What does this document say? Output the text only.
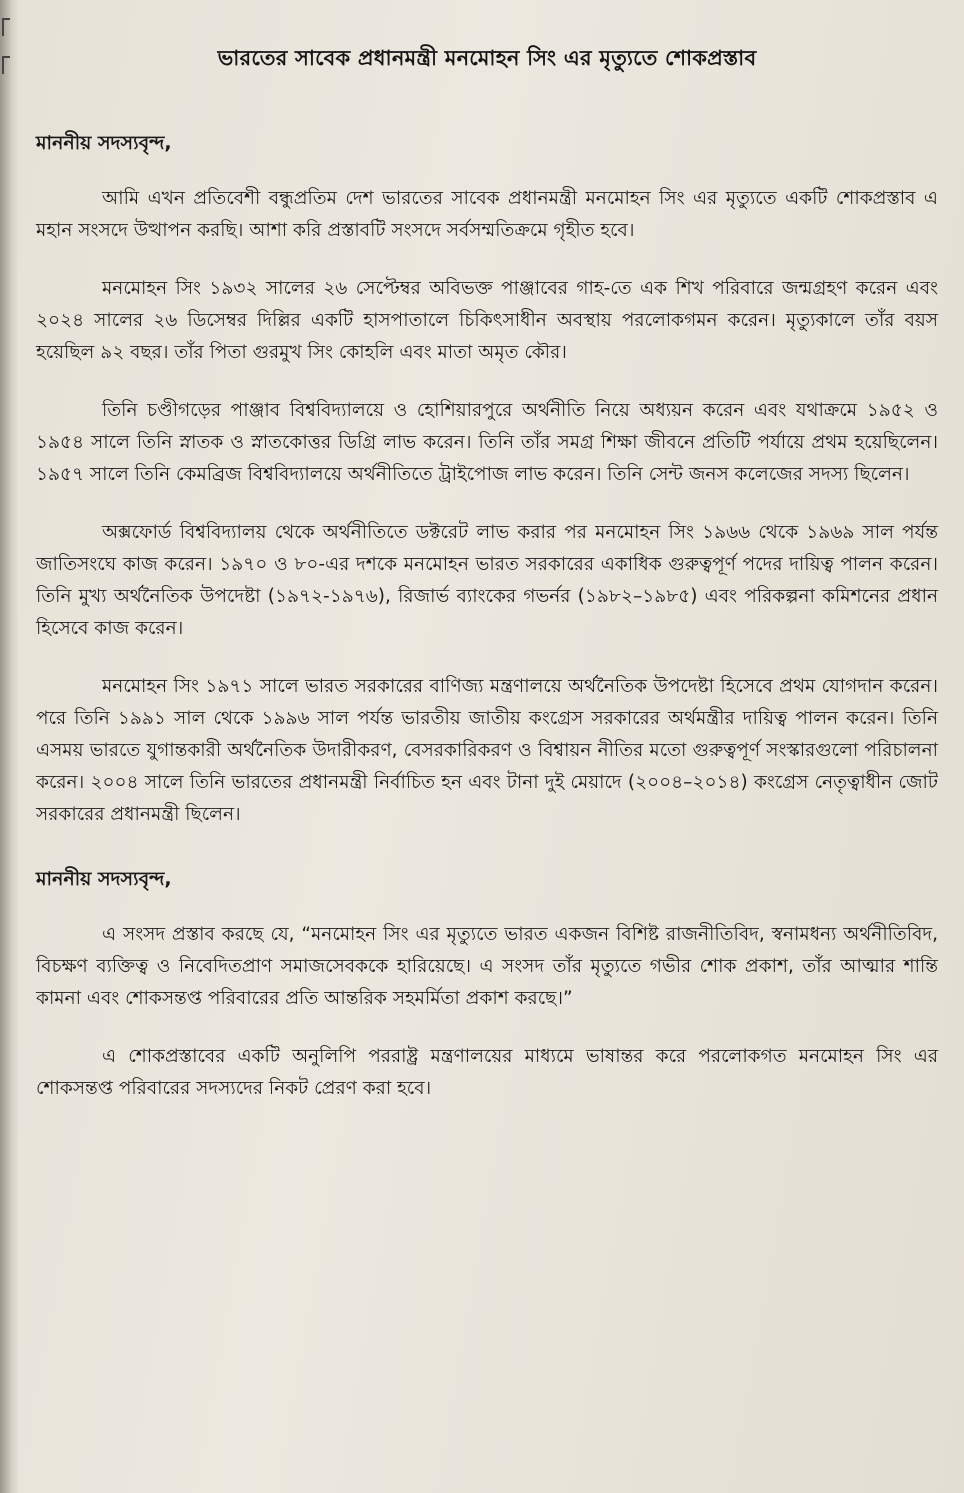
ভারতের সাবেক প্রধানমন্ত্রী মনমোহন সিং এর মৃত্যুতে শোকপ্রস্তাব
মাননীয় সদস্যবৃন্দ,

আমি এখন প্রতিবেশী বন্ধুপ্রতিম দেশ ভারতের সাবেক প্রধানমন্ত্রী মনমোহন সিং এর মৃত্যুতে একটি শোকপ্রস্তাব এ মহান সংসদে উত্থাপন করছি। আশা করি প্রস্তাবটি সংসদে সর্বসম্মতিক্রমে গৃহীত হবে।

মনমোহন সিং ১৯৩২ সালের ২৬ সেপ্টেম্বর অবিভক্ত পাঞ্জাবের গাহ-তে এক শিখ পরিবারে জন্মগ্রহণ করেন এবং ২০২৪ সালের ২৬ ডিসেম্বর দিল্লির একটি হাসপাতালে চিকিৎসাধীন অবস্থায় পরলোকগমন করেন। মৃত্যুকালে তাঁর বয়স হয়েছিল ৯২ বছর। তাঁর পিতা গুরমুখ সিং কোহলি এবং মাতা অমৃত কৌর।

তিনি চণ্ডীগড়ের পাঞ্জাব বিশ্ববিদ্যালয়ে ও হোশিয়ারপুরে অর্থনীতি নিয়ে অধ্যয়ন করেন এবং যথাক্রমে ১৯৫২ ও ১৯৫৪ সালে তিনি স্নাতক ও স্নাতকোত্তর ডিগ্রি লাভ করেন। তিনি তাঁর সমগ্র শিক্ষা জীবনে প্রতিটি পর্যায়ে প্রথম হয়েছিলেন। ১৯৫৭ সালে তিনি কেমব্রিজ বিশ্ববিদ্যালয়ে অর্থনীতিতে ট্রাইপোজ লাভ করেন। তিনি সেন্ট জনস কলেজের সদস্য ছিলেন।

অক্সফোর্ড বিশ্ববিদ্যালয় থেকে অর্থনীতিতে ডক্টরেট লাভ করার পর মনমোহন সিং ১৯৬৬ থেকে ১৯৬৯ সাল পর্যন্ত জাতিসংঘে কাজ করেন। ১৯৭০ ও ৮০-এর দশকে মনমোহন ভারত সরকারের একাধিক গুরুত্বপূর্ণ পদের দায়িত্ব পালন করেন। তিনি মুখ্য অর্থনৈতিক উপদেষ্টা (১৯৭২-১৯৭৬), রিজার্ভ ব্যাংকের গভর্নর (১৯৮২–১৯৮৫) এবং পরিকল্পনা কমিশনের প্রধান হিসেবে কাজ করেন।

মনমোহন সিং ১৯৭১ সালে ভারত সরকারের বাণিজ্য মন্ত্রণালয়ে অর্থনৈতিক উপদেষ্টা হিসেবে প্রথম যোগদান করেন। পরে তিনি ১৯৯১ সাল থেকে ১৯৯৬ সাল পর্যন্ত ভারতীয় জাতীয় কংগ্রেস সরকারের অর্থমন্ত্রীর দায়িত্ব পালন করেন। তিনি এসময় ভারতে যুগান্তকারী অর্থনৈতিক উদারীকরণ, বেসরকারিকরণ ও বিশ্বায়ন নীতির মতো গুরুত্বপূর্ণ সংস্কারগুলো পরিচালনা করেন। ২০০৪ সালে তিনি ভারতের প্রধানমন্ত্রী নির্বাচিত হন এবং টানা দুই মেয়াদে (২০০৪–২০১৪) কংগ্রেস নেতৃত্বাধীন জোট সরকারের প্রধানমন্ত্রী ছিলেন।

মাননীয় সদস্যবৃন্দ,

এ সংসদ প্রস্তাব করছে যে, “মনমোহন সিং এর মৃত্যুতে ভারত একজন বিশিষ্ট রাজনীতিবিদ, স্বনামধন্য অর্থনীতিবিদ, বিচক্ষণ ব্যক্তিত্ব ও নিবেদিতপ্রাণ সমাজসেবককে হারিয়েছে। এ সংসদ তাঁর মৃত্যুতে গভীর শোক প্রকাশ, তাঁর আত্মার শান্তি কামনা এবং শোকসন্তপ্ত পরিবারের প্রতি আন্তরিক সহমর্মিতা প্রকাশ করছে।”

এ শোকপ্রস্তাবের একটি অনুলিপি পররাষ্ট্র মন্ত্রণালয়ের মাধ্যমে ভাষান্তর করে পরলোকগত মনমোহন সিং এর শোকসন্তপ্ত পরিবারের সদস্যদের নিকট প্রেরণ করা হবে।
